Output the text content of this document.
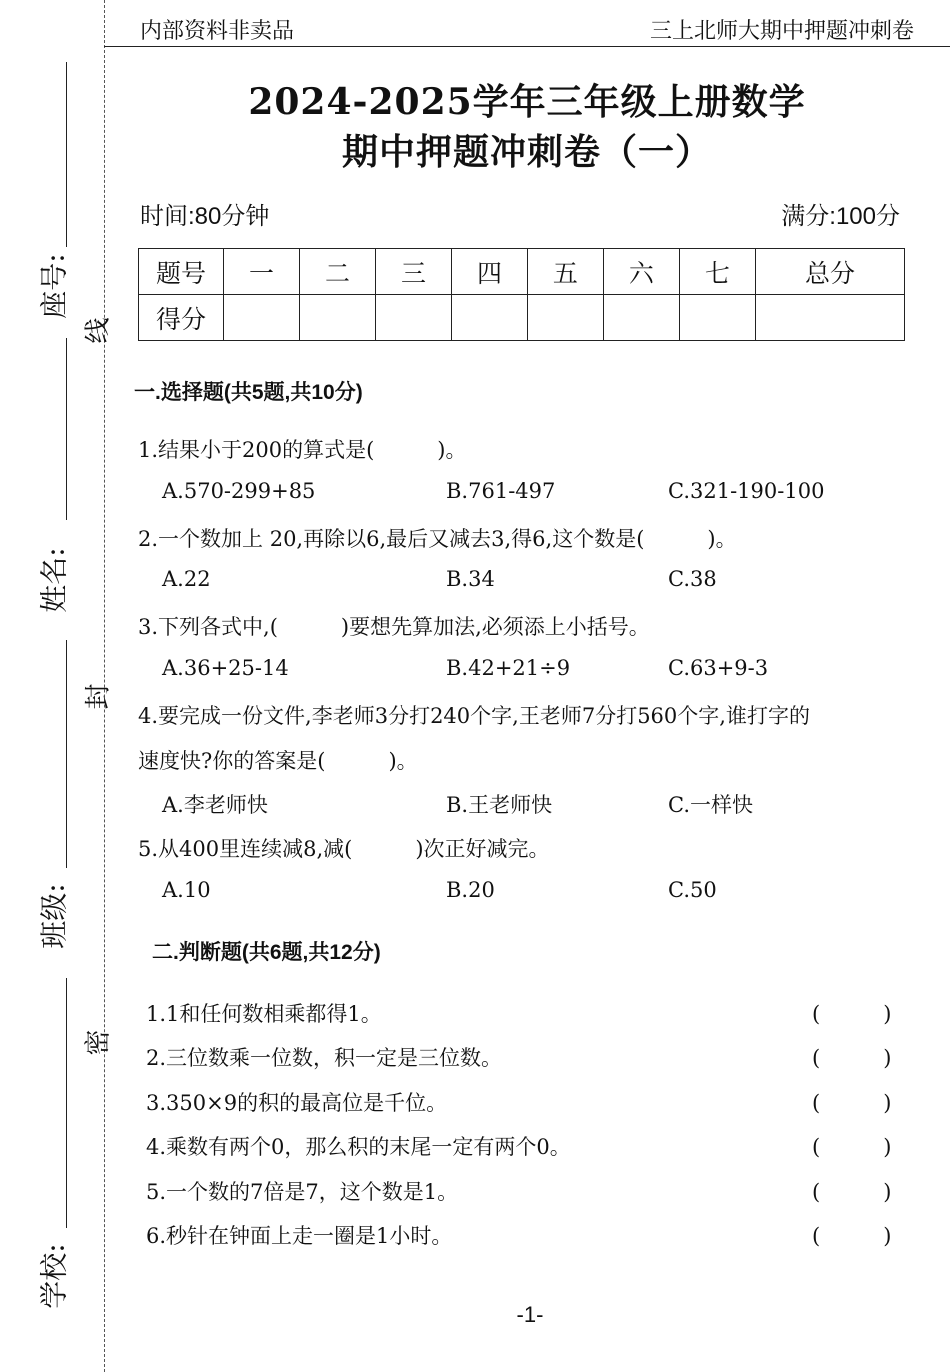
座号:
姓名:
班级:
学校:
线
封
密
内部资料非卖品	三上北师大期中押题冲刺卷
2024-2025学年三年级上册数学
期中押题冲刺卷（一）
时间:80分钟	满分:100分
题号	一	二	三	四	五	六	七	总分
得分								
一.选择题(共5题,共10分)
1.结果小于200的算式是(　　　)。
A.570-299+85	B.761-497	C.321-190-100
2.一个数加上 20,再除以6,最后又减去3,得6,这个数是(　　　)。
A.22	B.34	C.38
3.下列各式中,(　　　)要想先算加法,必须添上小括号。
A.36+25-14	B.42+21÷9	C.63+9-3
4.要完成一份文件,李老师3分打240个字,王老师7分打560个字,谁打字的
速度快?你的答案是(　　　)。
A.李老师快	B.王老师快	C.一样快
5.从400里连续减8,减(　　　)次正好减完。
A.10	B.20	C.50
二.判断题(共6题,共12分)
1.1和任何数相乘都得1。	(　　　)
2.三位数乘一位数，积一定是三位数。	(　　　)
3.350×9的积的最高位是千位。	(　　　)
4.乘数有两个0，那么积的末尾一定有两个0。	(　　　)
5.一个数的7倍是7，这个数是1。	(　　　)
6.秒针在钟面上走一圈是1小时。	(　　　)
-1-
